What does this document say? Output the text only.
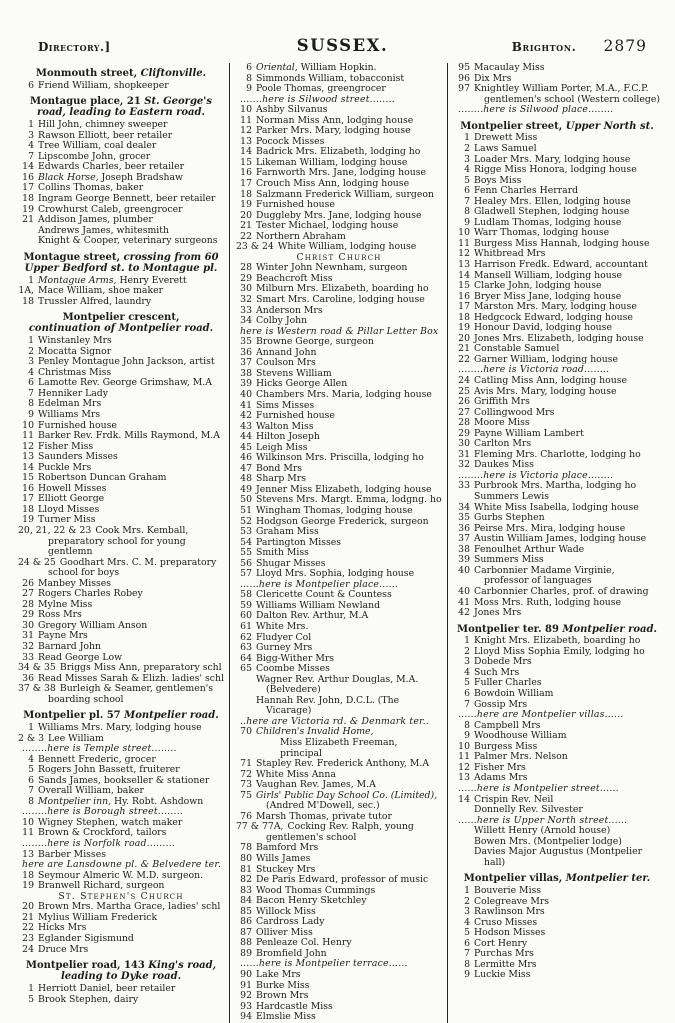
Directory.]	SUSSEX.	Brighton. 2879
Monmouth street, Cliftonville.
6 Friend William, shopkeeper
Montague place, 21 St. George's
road, leading to Eastern road.
1 Hill John, chimney sweeper
3 Rawson Elliott, beer retailer
4 Tree William, coal dealer
7 Lipscombe John, grocer
14 Edwards Charles, beer retailer
16 Black Horse, Joseph Bradshaw
17 Collins Thomas, baker
18 Ingram George Bennett, beer retailer
19 Crowhurst Caleb, greengrocer
21 Addison James, plumber
Andrews James, whitesmith
Knight & Cooper, veterinary surgeons
Montague street, crossing from 60
Upper Bedford st. to Montague pl.
1 Montague Arms, Henry Everett
1A, Mace William, shoe maker
18 Trussler Alfred, laundry
Montpelier crescent,
continuation of Montpelier road.
1 Winstanley Mrs
2 Mocatta Signor
3 Penley Montague John Jackson, artist
4 Christmas Miss
6 Lamotte Rev. George Grimshaw, M.A
7 Henniker Lady
8 Edelman Mrs
9 Williams Mrs
10 Furnished house
11 Barker Rev. Frdk. Mills Raymond, M.A
12 Fisher Miss
13 Saunders Misses
14 Puckle Mrs
15 Robertson Duncan Graham
16 Howell Misses
17 Elliott George
18 Lloyd Misses
19 Turner Miss
20, 21, 22 & 23 Cook Mrs. Kemball, preparatory school for young gentlemn
24 & 25 Goodhart Mrs. C. M. preparatory school for boys
26 Manbey Misses
27 Rogers Charles Robey
28 Mylne Miss
29 Ross Mrs
30 Gregory William Anson
31 Payne Mrs
32 Barnard John
33 Read George Low
34 & 35 Briggs Miss Ann, preparatory schl
36 Read Misses Sarah & Elizh. ladies' schl
37 & 38 Burleigh & Seamer, gentlemen's boarding school
Montpelier pl. 57 Montpelier road.
1 Williams Mrs. Mary, lodging house
2 & 3 Lee William
........here is Temple street........
4 Bennett Frederic, grocer
5 Rogers John Bassett, fruiterer
6 Sands James, bookseller & stationer
7 Overall William, baker
8 Montpelier inn, Hy. Robt. Ashdown
........here is Borough street........
10 Wigney Stephen, watch maker
11 Brown & Crockford, tailors
........here is Norfolk road.........
13 Barber Misses
here are Lansdowne pl. & Belvedere ter.
18 Seymour Almeric W. M.D. surgeon.
19 Branwell Richard, surgeon
St. Stephen's Church
20 Brown Mrs. Martha Grace, ladies' schl
21 Mylius William Frederick
22 Hicks Mrs
23 Eglander Sigismund
24 Druce Mrs
Montpelier road, 143 King's road,
leading to Dyke road.
1 Herriott Daniel, beer retailer
5 Brook Stephen, dairy
6 Oriental, William Hopkin.
8 Simmonds William, tobacconist
9 Poole Thomas, greengrocer
.......here is Silwood street........
10 Ashby Silvanus
11 Norman Miss Ann, lodging house
12 Parker Mrs. Mary, lodging house
13 Pocock Misses
14 Badrick Mrs. Elizabeth, lodging ho
15 Likeman William, lodging house
16 Farnworth Mrs. Jane, lodging house
17 Crouch Miss Ann, lodging house
18 Salzmann Frederick William, surgeon
19 Furnished house
20 Duggleby Mrs. Jane, lodging house
21 Tester Michael, lodging house
22 Northern Abraham
23 & 24 White William, lodging house
Christ Church
28 Winter John Newnham, surgeon
29 Beachcroft Miss
30 Milburn Mrs. Elizabeth, boarding ho
32 Smart Mrs. Caroline, lodging house
33 Anderson Mrs
34 Colby John
here is Western road & Pillar Letter Box
35 Browne George, surgeon
36 Annand John
37 Coulson Mrs
38 Stevens William
39 Hicks George Allen
40 Chambers Mrs. Maria, lodging house
41 Sims Misses
42 Furnished house
43 Walton Miss
44 Hilton Joseph
45 Leigh Miss
46 Wilkinson Mrs. Priscilla, lodging ho
47 Bond Mrs
48 Sharp Mrs
49 Jenner Miss Elizabeth, lodging house
50 Stevens Mrs. Margt. Emma, lodgng. ho
51 Wingham Thomas, lodging house
52 Hodgson George Frederick, surgeon
53 Graham Miss
54 Partington Misses
55 Smith Miss
56 Shugar Misses
57 Lloyd Mrs. Sophia, lodging house
......here is Montpelier place......
58 Clericette Count & Countess
59 Williams William Newland
60 Dalton Rev. Arthur, M.A
61 White Mrs.
62 Fludyer Col
63 Gurney Mrs
64 Bigg-Wither Mrs
65 Coombe Misses
Wagner Rev. Arthur Douglas, M.A. (Belvedere)
Hannah Rev. John, D.C.L. (The Vicarage)
..here are Victoria rd. & Denmark ter..
70 Children's Invalid Home,
Miss Elizabeth Freeman, principal
71 Stapley Rev. Frederick Anthony, M.A
72 White Miss Anna
73 Vaughan Rev. James, M.A
75 Girls' Public Day School Co. (Limited), (Andred M'Dowell, sec.)
76 Marsh Thomas, private tutor
77 & 77A, Cocking Rev. Ralph, young gentlemen's school
78 Bamford Mrs
80 Wills James
81 Stuckey Mrs
82 De Paris Edward, professor of music
83 Wood Thomas Cummings
84 Bacon Henry Sketchley
85 Willock Miss
86 Cardross Lady
87 Olliver Miss
88 Penleaze Col. Henry
89 Bromfield John
......here is Montpelier terrace......
90 Lake Mrs
91 Burke Miss
92 Brown Mrs
93 Hardcastle Miss
94 Elmslie Miss
95 Macaulay Miss
96 Dix Mrs
97 Knightley William Porter, M.A., F.C.P. gentlemen's school (Western college)
........here is Silwood place........
Montpelier street, Upper North st.
1 Drewett Miss
2 Laws Samuel
3 Loader Mrs. Mary, lodging house
4 Rigge Miss Honora, lodging house
5 Boys Miss
6 Fenn Charles Herrard
7 Healey Mrs. Ellen, lodging house
8 Gladwell Stephen, lodging house
9 Ludlam Thomas, lodging house
10 Warr Thomas, lodging house
11 Burgess Miss Hannah, lodging house
12 Whitbread Mrs
13 Harrison Fredk. Edward, accountant
14 Mansell William, lodging house
15 Clarke John, lodging house
16 Bryer Miss Jane, lodging house
17 Marston Mrs. Mary, lodging house
18 Hedgcock Edward, lodging house
19 Honour David, lodging house
20 Jones Mrs. Elizabeth, lodging house
21 Constable Samuel
22 Garner William, lodging house
........here is Victoria road........
24 Catling Miss Ann, lodging house
25 Avis Mrs. Mary, lodging house
26 Griffith Mrs
27 Collingwood Mrs
28 Moore Miss
29 Payne William Lambert
30 Carlton Mrs
31 Fleming Mrs. Charlotte, lodging ho
32 Daukes Miss
........here is Victoria place........
33 Purbrook Mrs. Martha, lodging ho
Summers Lewis
34 White Miss Isabella, lodging house
35 Gurbs Stephen
36 Peirse Mrs. Mira, lodging house
37 Austin William James, lodging house
38 Fenoulhet Arthur Wade
39 Summers Miss
40 Carbonnier Madame Virginie, professor of languages
40 Carbonnier Charles, prof. of drawing
41 Moss Mrs. Ruth, lodging house
42 Jones Mrs
Montpelier ter. 89 Montpelier road.
1 Knight Mrs. Elizabeth, boarding ho
2 Lloyd Miss Sophia Emily, lodging ho
3 Dobede Mrs
4 Such Mrs
5 Fuller Charles
6 Bowdoin William
7 Gossip Mrs
......here are Montpelier villas......
8 Campbell Mrs
9 Woodhouse William
10 Burgess Miss
11 Palmer Mrs. Nelson
12 Fisher Mrs
13 Adams Mrs
......here is Montpelier street......
14 Crispin Rev. Neil
Donnelly Rev. Silvester
......here is Upper North street......
Willett Henry (Arnold house)
Bowen Mrs. (Montpelier lodge)
Davies Major Augustus (Montpelier hall)
Montpelier villas, Montpelier ter.
1 Bouverie Miss
2 Colegreave Mrs
3 Rawlinson Mrs
4 Cruso Misses
5 Hodson Misses
6 Cort Henry
7 Purchas Mrs
8 Lermitte Mrs
9 Luckie Miss
